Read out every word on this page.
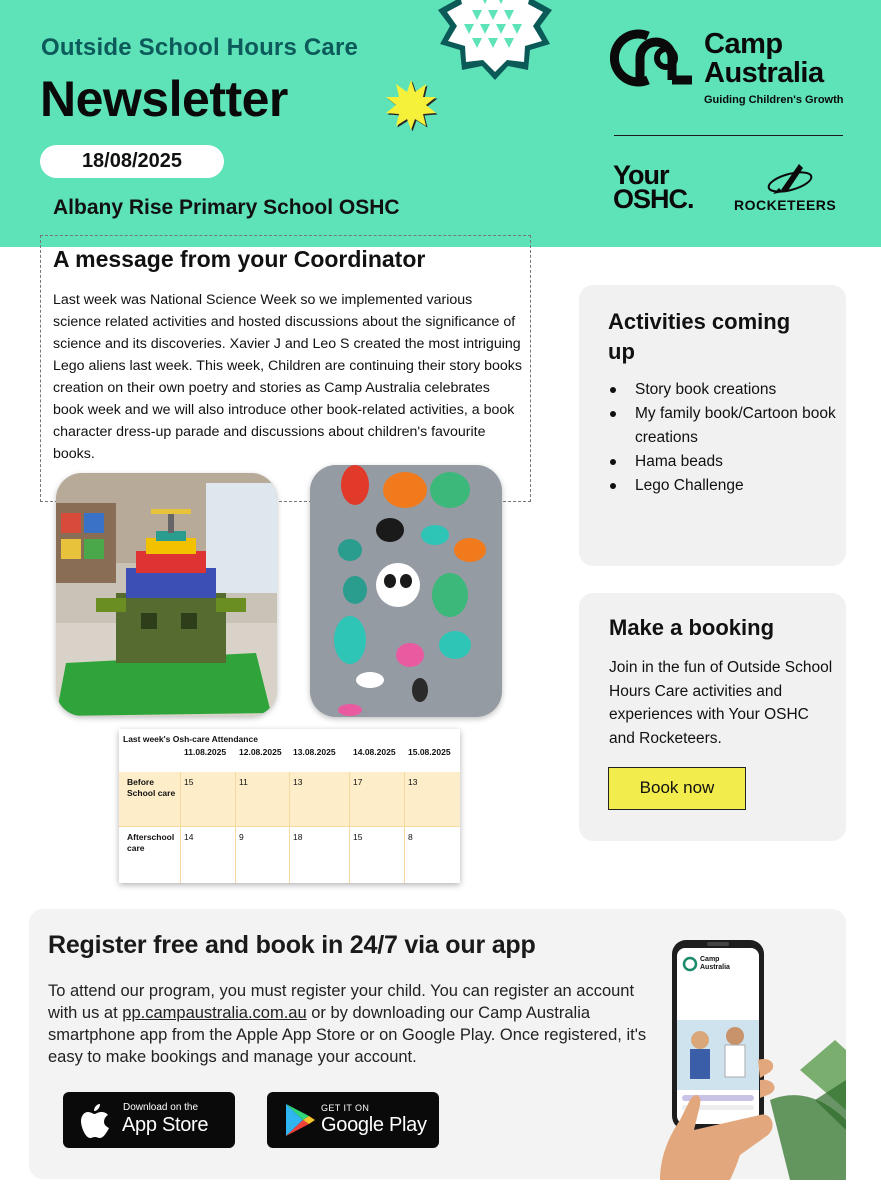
Outside School Hours Care
Newsletter
18/08/2025
Albany Rise Primary School OSHC
Camp
Australia
Guiding Children's Growth
Your
OSHC.	ROCKETEERS
A message from your Coordinator
Last week was National Science Week so we implemented various science related activities and hosted discussions about the significance of science and its discoveries. Xavier J and Leo S created the most intriguing Lego aliens last week. This week, Children are continuing their story books creation on their own poetry and stories as Camp Australia celebrates book week and we will also introduce other book-related activities, a book character dress-up parade and discussions about children's favourite books.
Last week's Osh-care Attendance
11.08.2025 12.08.2025 13.08.2025 14.08.2025 15.08.2025
Before School care
15	11	13	17	13
Afterschool care
14	9	18	15	8
Activities coming up
Story book creations
My family book/Cartoon book creations
Hama beads
Lego Challenge
Make a booking
Join in the fun of Outside School Hours Care activities and experiences with Your OSHC and Rocketeers.
Book now
Register free and book in 24/7 via our app
To attend our program, you must register your child. You can register an account with us at pp.campaustralia.com.au or by downloading our Camp Australia smartphone app from the Apple App Store or on Google Play. Once registered, it's easy to make bookings and manage your account.
Download on the
App Store
GET IT ON
Google Play
Camp
Australia
